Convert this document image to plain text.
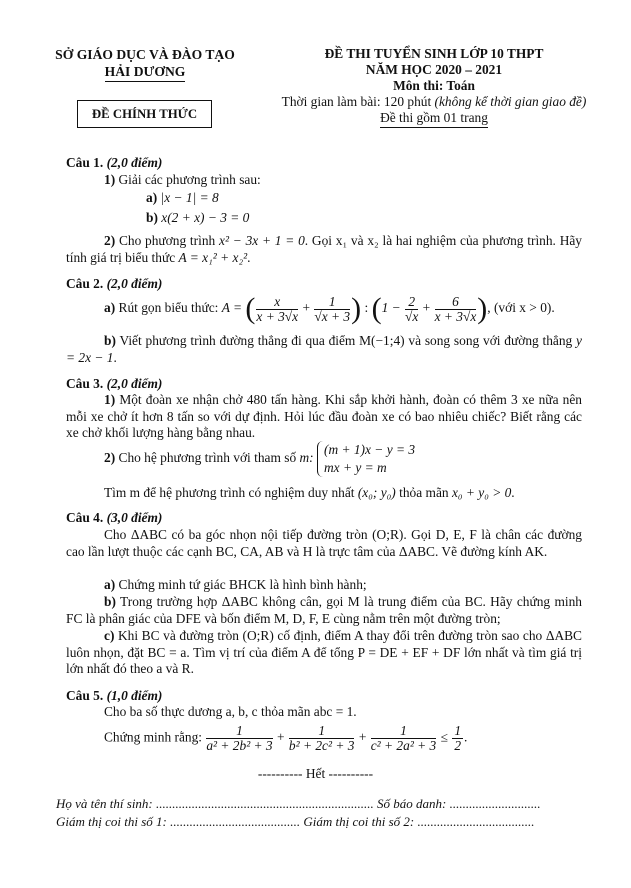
SỞ GIÁO DỤC VÀ ĐÀO TẠO
HẢI DƯƠNG
ĐỀ CHÍNH THỨC
ĐỀ THI TUYỂN SINH LỚP 10 THPT
NĂM HỌC 2020 – 2021
Môn thi: Toán
Thời gian làm bài: 120 phút (không kể thời gian giao đề)
Đề thi gồm 01 trang
Câu 1. (2,0 điểm)
1) Giải các phương trình sau:
a) |x − 1| = 8
b) x(2 + x) − 3 = 0
2) Cho phương trình x² − 3x + 1 = 0. Gọi x₁ và x₂ là hai nghiệm của phương trình. Hãy tính giá trị biểu thức A = x₁² + x₂².
Câu 2. (2,0 điểm)
a) Rút gọn biểu thức: A = ( $\frac{x}{x + 3√x} + \frac{1}{√x + 3}$ ) : ($1 - \frac{2}{√x} + \frac{6}{x + 3√x}$ ), (với x > 0).
b) Viết phương trình đường thẳng đi qua điểm M(−1;4) và song song với đường thẳng y = 2x − 1.
Câu 3. (2,0 điểm)
1) Một đoàn xe nhận chở 480 tấn hàng. Khi sắp khởi hành, đoàn có thêm 3 xe nữa nên mỗi xe chở ít hơn 8 tấn so với dự định. Hỏi lúc đầu đoàn xe có bao nhiêu chiếc? Biết rằng các xe chở khối lượng hàng bằng nhau.
2) Cho hệ phương trình với tham số m:
(m + 1)x − y = 3
mx + y = m
Tìm m để hệ phương trình có nghiệm duy nhất (x₀; y₀) thỏa mãn x₀ + y₀ > 0.
Câu 4. (3,0 điểm)
Cho ΔABC có ba góc nhọn nội tiếp đường tròn (O;R). Gọi D, E, F là chân các đường cao lần lượt thuộc các cạnh BC, CA, AB và H là trực tâm của ΔABC. Vẽ đường kính AK.
a) Chứng minh tứ giác BHCK là hình bình hành;
b) Trong trường hợp ΔABC không cân, gọi M là trung điểm của BC. Hãy chứng minh FC là phân giác của DFE và bốn điểm M, D, F, E cùng nằm trên một đường tròn;
c) Khi BC và đường tròn (O;R) cố định, điểm A thay đổi trên đường tròn sao cho ΔABC luôn nhọn, đặt BC = a. Tìm vị trí của điểm A để tổng P = DE + EF + DF lớn nhất và tìm giá trị lớn nhất đó theo a và R.
Câu 5. (1,0 điểm)
Cho ba số thực dương a, b, c thỏa mãn abc = 1.
Chứng minh rằng: $\frac{1}{\text{a² + 2b² + 3}} + \frac{1}{\text{b² + 2c² + 3}} + \frac{1}{\text{c² + 2a² + 3}} \le \frac{1}{2}$ .
---------- Hết ----------
Họ và tên thí sinh: ................................................................... Số báo danh: ............................
Giám thị coi thi số 1: ........................................ Giám thị coi thi số 2: ....................................
